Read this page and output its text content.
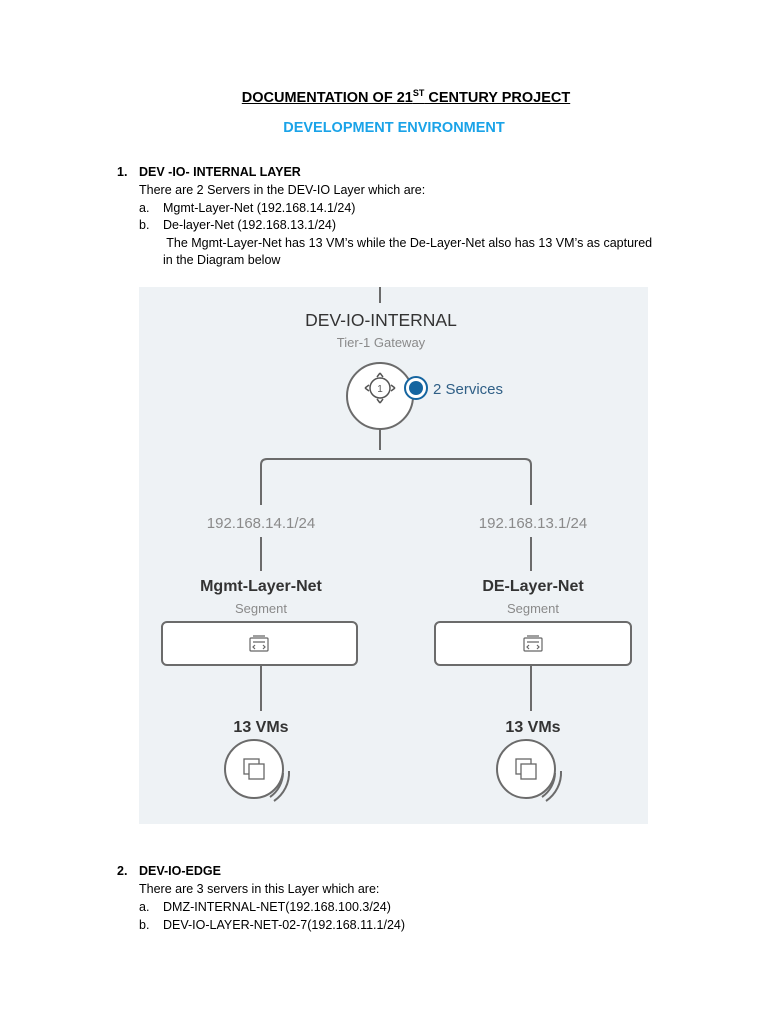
DOCUMENTATION OF 21ST CENTURY PROJECT
DEVELOPMENT ENVIRONMENT
1. DEV -IO- INTERNAL LAYER
There are 2 Servers in the DEV-IO Layer which are:
a. Mgmt-Layer-Net (192.168.14.1/24)
b. De-layer-Net (192.168.13.1/24)
The Mgmt-Layer-Net has 13 VM’s while the De-Layer-Net also has 13 VM’s as captured
in the Diagram below
DEV-IO-INTERNAL
Tier-1 Gateway
1	2 Services
192.168.14.1/24	192.168.13.1/24
Mgmt-Layer-Net
Segment
DE-Layer-Net
Segment
13 VMs	13 VMs
2. DEV-IO-EDGE
There are 3 servers in this Layer which are:
a. DMZ-INTERNAL-NET(192.168.100.3/24)
b. DEV-IO-LAYER-NET-02-7(192.168.11.1/24)
